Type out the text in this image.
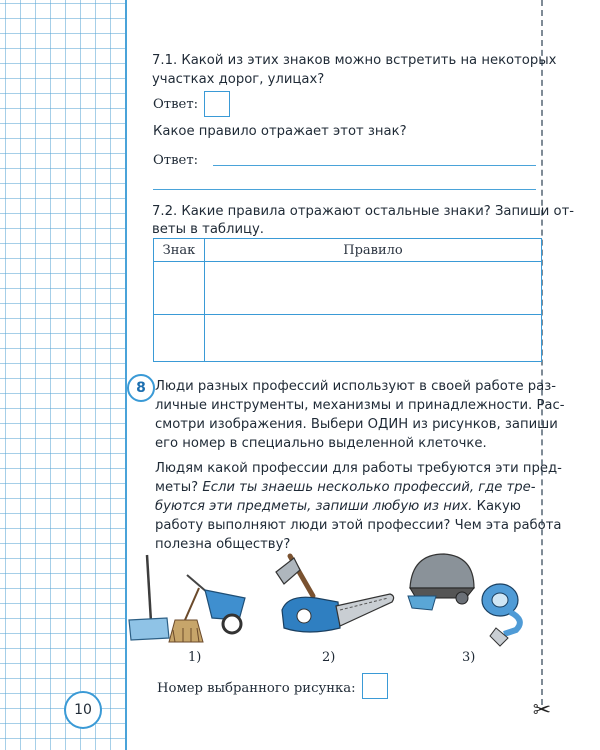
✂
7.1. Какой из этих знаков можно встретить на некоторых
участках дорог, улицах?
Ответ:
Какое правило отражает этот знак?
Ответ:
7.2. Какие правила отражают остальные знаки? Запиши от-
веты в таблицу.
Знак	Правило

8 Люди разных профессий используют в своей работе раз-
личные инструменты, механизмы и принадлежности. Рас-
смотри изображения. Выбери ОДИН из рисунков, запиши
его номер в специально выделенной клеточке.
Людям какой профессии для работы требуются эти пред-
меты? Если ты знаешь несколько профессий, где тре-
буются эти предметы, запиши любую из них. Какую
работу выполняют люди этой профессии? Чем эта работа
полезна обществу?
1)	2)	3)
Номер выбранного рисунка:
10
